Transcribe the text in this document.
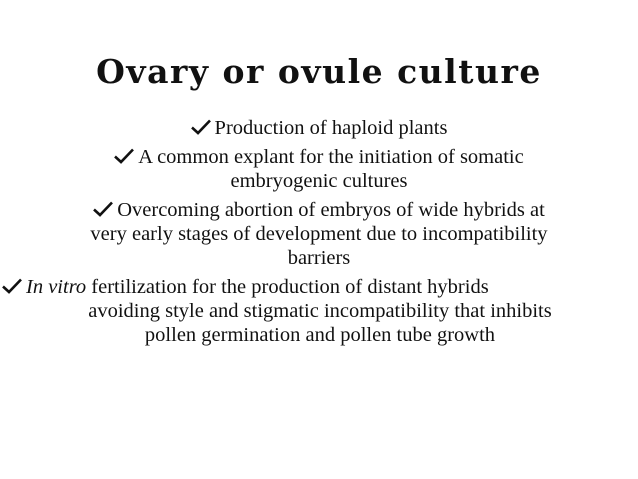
Ovary or ovule culture
Production of haploid plants
A common explant for the initiation of somatic
embryogenic cultures
Overcoming abortion of embryos of wide hybrids at
very early stages of development due to incompatibility
barriers
In vitro fertilization for the production of distant hybrids
avoiding style and stigmatic incompatibility that inhibits
pollen germination and pollen tube growth
